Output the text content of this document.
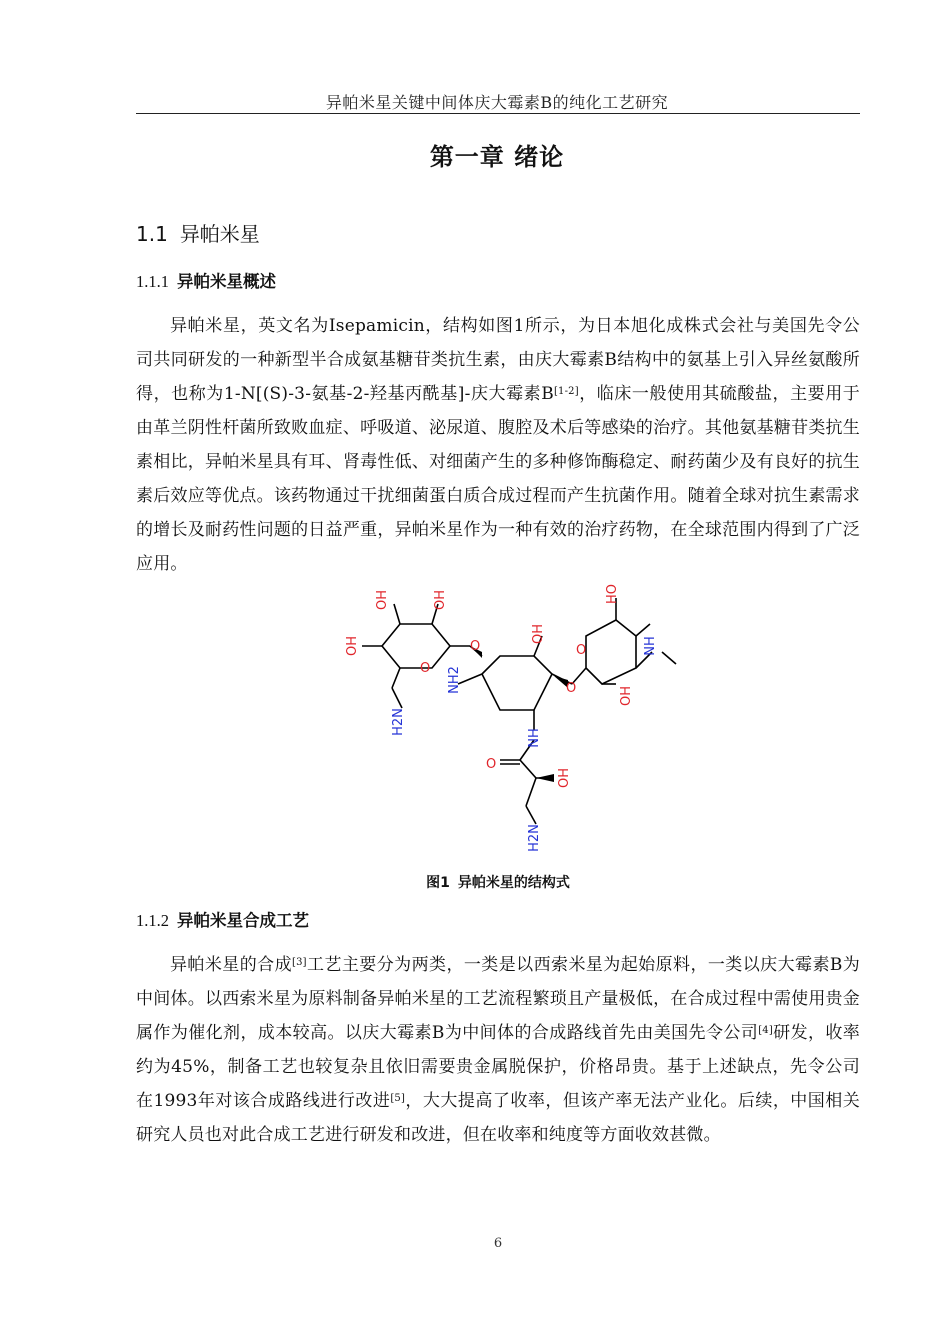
异帕米星关键中间体庆大霉素B的纯化工艺研究
第一章 绪论
1.1 异帕米星
1.1.1 异帕米星概述

异帕米星，英文名为Isepamicin，结构如图1所示，为日本旭化成株式会社与美国先令公司共同研发的一种新型半合成氨基糖苷类抗生素，由庆大霉素B结构中的氨基上引入异丝氨酸所得，也称为1-N[(S)-3-氨基-2-羟基丙酰基]-庆大霉素B[1-2]，临床一般使用其硫酸盐，主要用于由革兰阴性杆菌所致败血症、呼吸道、泌尿道、腹腔及术后等感染的治疗。其他氨基糖苷类抗生素相比，异帕米星具有耳、肾毒性低、对细菌产生的多种修饰酶稳定、耐药菌少及有良好的抗生素后效应等优点。该药物通过干扰细菌蛋白质合成过程而产生抗菌作用。随着全球对抗生素需求的增长及耐药性问题的日益严重，异帕米星作为一种有效的治疗药物，在全球范围内得到了广泛应用。

OH	OH
OH
O
O
NH2
H2N
OH
O
O
HO
NH
OH
NH
O
OH
H2N
图1 异帕米星的结构式
1.1.2 异帕米星合成工艺

异帕米星的合成[3]工艺主要分为两类，一类是以西索米星为起始原料，一类以庆大霉素B为中间体。以西索米星为原料制备异帕米星的工艺流程繁琐且产量极低，在合成过程中需使用贵金属作为催化剂，成本较高。以庆大霉素B为中间体的合成路线首先由美国先令公司[4]研发，收率约为45%，制备工艺也较复杂且依旧需要贵金属脱保护，价格昂贵。基于上述缺点，先令公司在1993年对该合成路线进行改进[5]，大大提高了收率，但该产率无法产业化。后续，中国相关研究人员也对此合成工艺进行研发和改进，但在收率和纯度等方面收效甚微。

6
